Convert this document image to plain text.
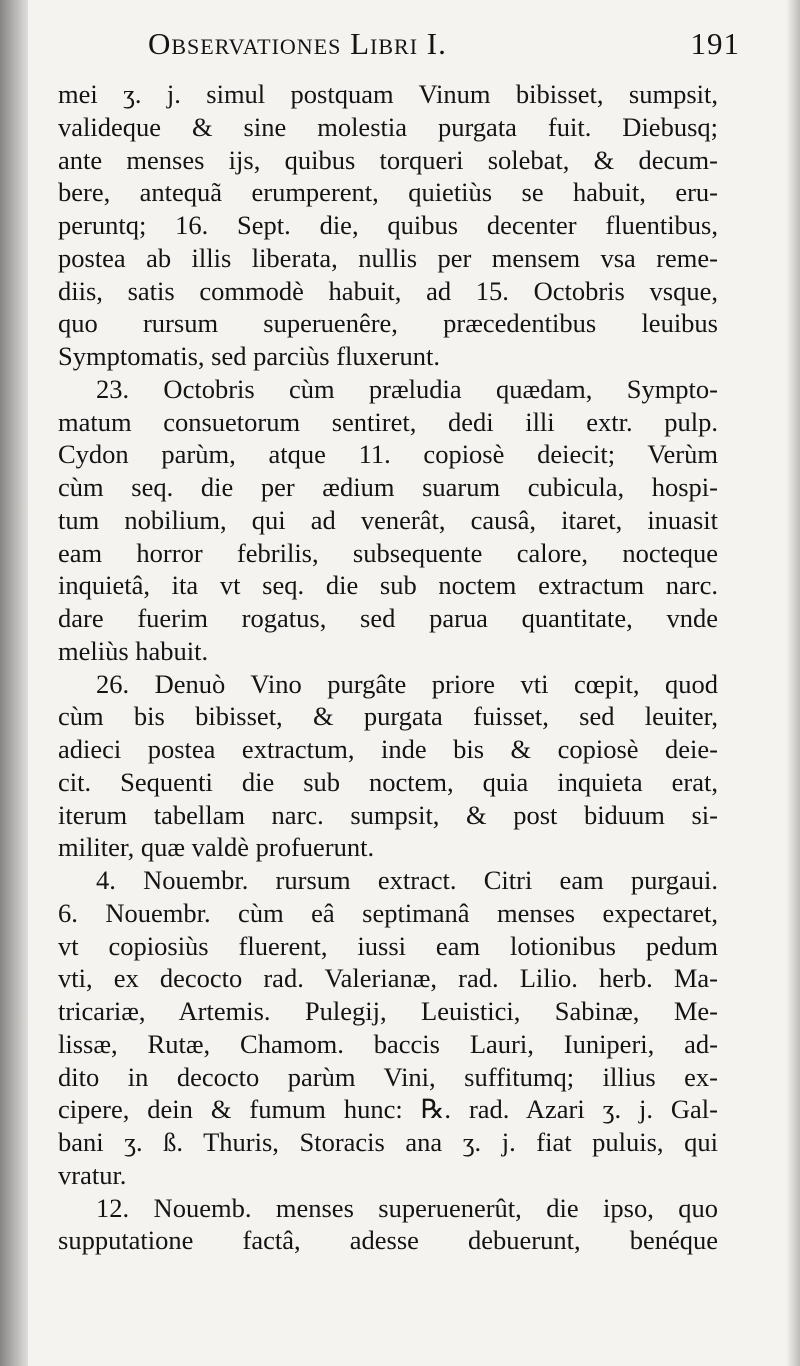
Observationes Libri I.	191
mei ʒ. j. simul postquam Vinum bibisset, sumpsit,
valideque & sine molestia purgata fuit. Diebusq;
ante menses ijs, quibus torqueri solebat, & decum-
bere, antequã erumperent, quietiùs se habuit, eru-
peruntq; 16. Sept. die, quibus decenter fluentibus,
postea ab illis liberata, nullis per mensem vsa reme-
diis, satis commodè habuit, ad 15. Octobris vsque,
quo rursum superuenêre, præcedentibus leuibus
Symptomatis, sed parciùs fluxerunt.
23. Octobris cùm præludia quædam, Sympto-
matum consuetorum sentiret, dedi illi extr. pulp.
Cydon parùm, atque 11. copiosè deiecit; Verùm
cùm seq. die per ædium suarum cubicula, hospi-
tum nobilium, qui ad venerât, causâ, itaret, inuasit
eam horror febrilis, subsequente calore, nocteque
inquietâ, ita vt seq. die sub noctem extractum narc.
dare fuerim rogatus, sed parua quantitate, vnde
meliùs habuit.
26. Denuò Vino purgâte priore vti cœpit, quod
cùm bis bibisset, & purgata fuisset, sed leuiter,
adieci postea extractum, inde bis & copiosè deie-
cit. Sequenti die sub noctem, quia inquieta erat,
iterum tabellam narc. sumpsit, & post biduum si-
militer, quæ valdè profuerunt.
4. Nouembr. rursum extract. Citri eam purgaui.
6. Nouembr. cùm eâ septimanâ menses expectaret,
vt copiosiùs fluerent, iussi eam lotionibus pedum
vti, ex decocto rad. Valerianæ, rad. Lilio. herb. Ma-
tricariæ, Artemis. Pulegij, Leuistici, Sabinæ, Me-
lissæ, Rutæ, Chamom. baccis Lauri, Iuniperi, ad-
dito in decocto parùm Vini, suffitumq; illius ex-
cipere, dein & fumum hunc: ℞. rad. Azari ʒ. j. Gal-
bani ʒ. ß. Thuris, Storacis ana ʒ. j. fiat puluis, qui
vratur.
12. Nouemb. menses superuenerût, die ipso, quo
supputatione factâ, adesse debuerunt, benéque
